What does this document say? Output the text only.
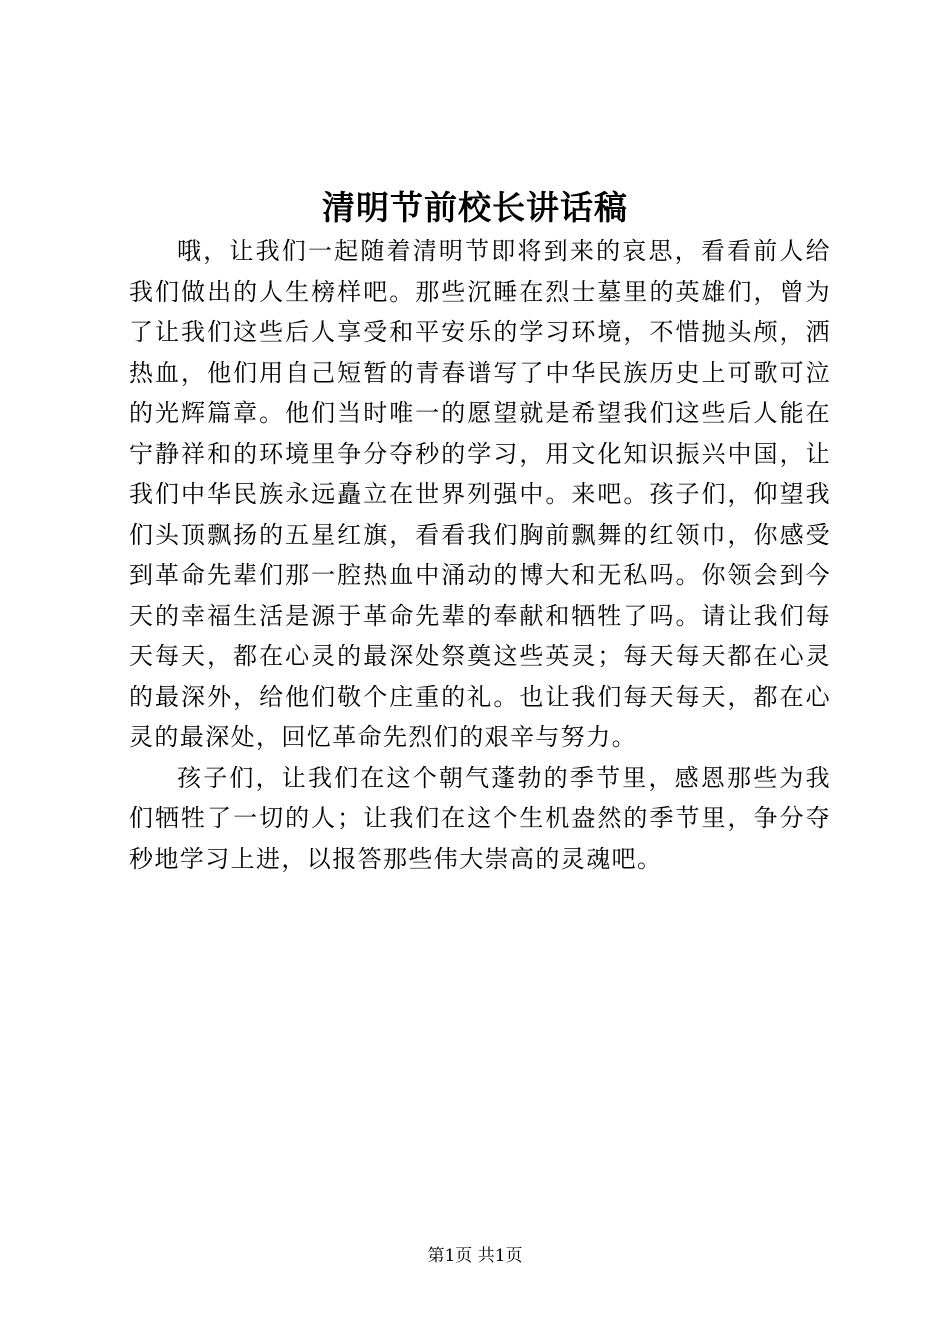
清明节前校长讲话稿

哦，让我们一起随着清明节即将到来的哀思，看看前人给我们做出的人生榜样吧。那些沉睡在烈士墓里的英雄们，曾为了让我们这些后人享受和平安乐的学习环境，不惜抛头颅，洒热血，他们用自己短暂的青春谱写了中华民族历史上可歌可泣的光辉篇章。他们当时唯一的愿望就是希望我们这些后人能在宁静祥和的环境里争分夺秒的学习，用文化知识振兴中国，让我们中华民族永远矗立在世界列强中。来吧。孩子们，仰望我们头顶飘扬的五星红旗，看看我们胸前飘舞的红领巾，你感受到革命先辈们那一腔热血中涌动的博大和无私吗。你领会到今天的幸福生活是源于革命先辈的奉献和牺牲了吗。请让我们每天每天，都在心灵的最深处祭奠这些英灵；每天每天都在心灵的最深外，给他们敬个庄重的礼。也让我们每天每天，都在心灵的最深处，回忆革命先烈们的艰辛与努力。

孩子们，让我们在这个朝气蓬勃的季节里，感恩那些为我们牺牲了一切的人；让我们在这个生机盎然的季节里，争分夺秒地学习上进，以报答那些伟大崇高的灵魂吧。

第1页 共1页
